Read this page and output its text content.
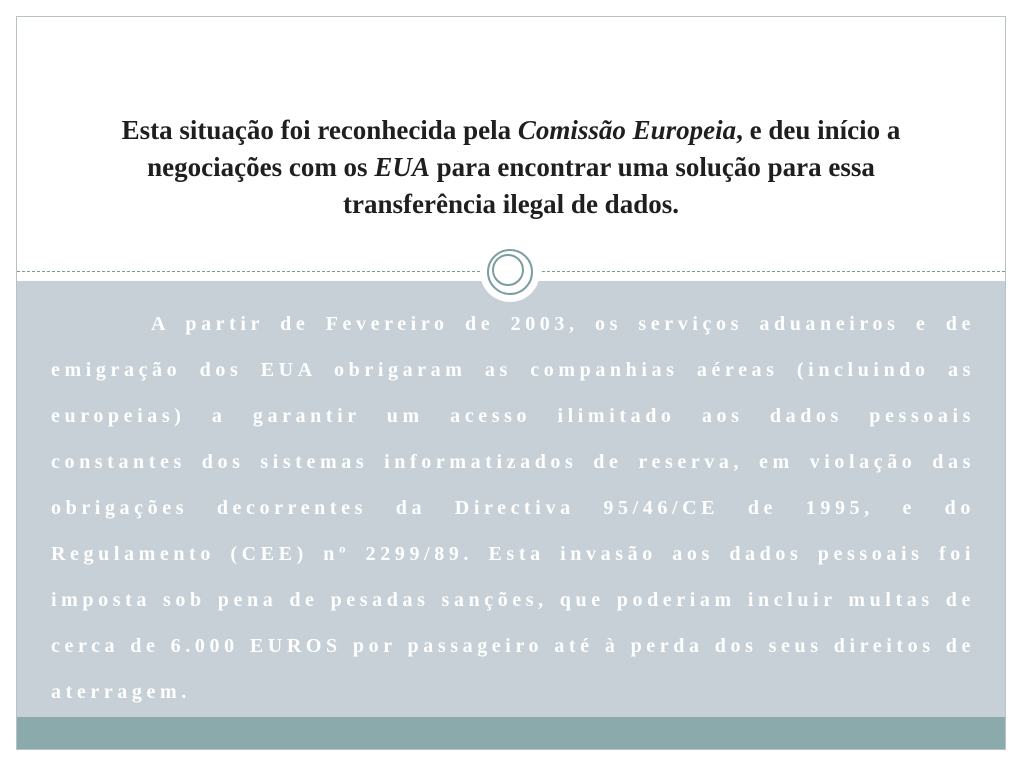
Esta situação foi reconhecida pela Comissão Europeia, e deu início a negociações com os EUA para encontrar uma solução para essa transferência ilegal de dados.

A partir de Fevereiro de 2003, os serviços aduaneiros e de emigração dos EUA obrigaram as companhias aéreas (incluindo as europeias) a garantir um acesso ilimitado aos dados pessoais constantes dos sistemas informatizados de reserva, em violação das obrigações decorrentes da Directiva 95/46/CE de 1995, e do Regulamento (CEE) nº 2299/89. Esta invasão aos dados pessoais foi imposta sob pena de pesadas sanções, que poderiam incluir multas de cerca de 6.000 EUROS por passageiro até à perda dos seus direitos de aterragem.
